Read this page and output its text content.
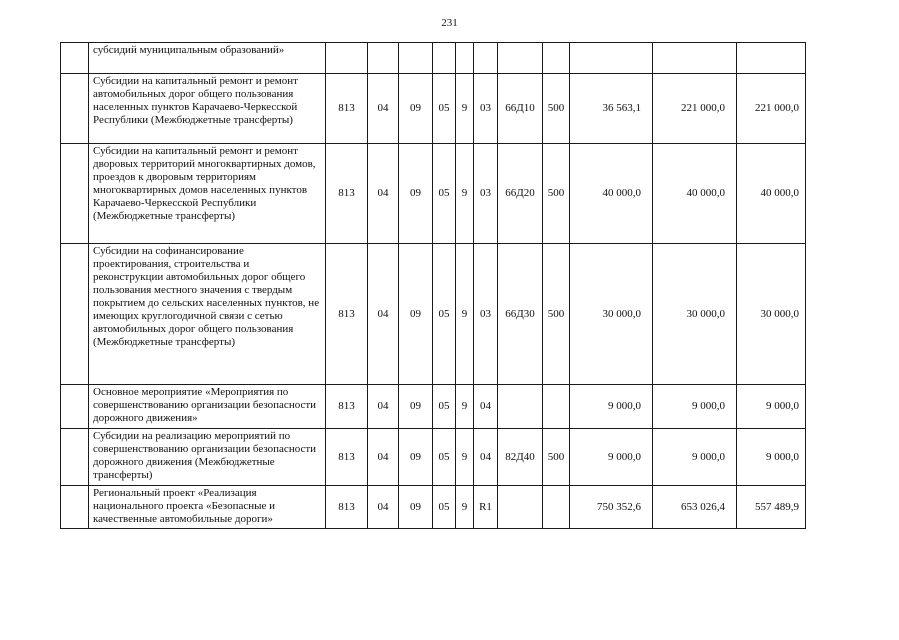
231
	субсидий муниципальным образований»											
	Субсидии на капитальный ремонт и ремонт автомобильных дорог общего пользования населенных пунктов Карачаево-Черкесской Республики (Межбюджетные трансферты)	813	04	09	05	9	03	66Д10	500	36 563,1	221 000,0	221 000,0
	Субсидии на капитальный ремонт и ремонт дворовых территорий многоквартирных домов, проездов к дворовым территориям многоквартирных домов населенных пунктов Карачаево-Черкесской Республики (Межбюджетные трансферты)	813	04	09	05	9	03	66Д20	500	40 000,0	40 000,0	40 000,0
	Субсидии на софинансирование проектирования, строительства и реконструкции автомобильных дорог общего пользования местного значения с твердым покрытием до сельских населенных пунктов, не имеющих круглогодичной связи с сетью автомобильных дорог общего пользования (Межбюджетные трансферты)	813	04	09	05	9	03	66Д30	500	30 000,0	30 000,0	30 000,0
	Основное мероприятие «Мероприятия по совершенствованию организации безопасности дорожного движения»	813	04	09	05	9	04			9 000,0	9 000,0	9 000,0
	Субсидии на реализацию мероприятий по совершенствованию организации безопасности дорожного движения (Межбюджетные трансферты)	813	04	09	05	9	04	82Д40	500	9 000,0	9 000,0	9 000,0
	Региональный проект «Реализация национального проекта «Безопасные и качественные автомобильные дороги»	813	04	09	05	9	R1			750 352,6	653 026,4	557 489,9
